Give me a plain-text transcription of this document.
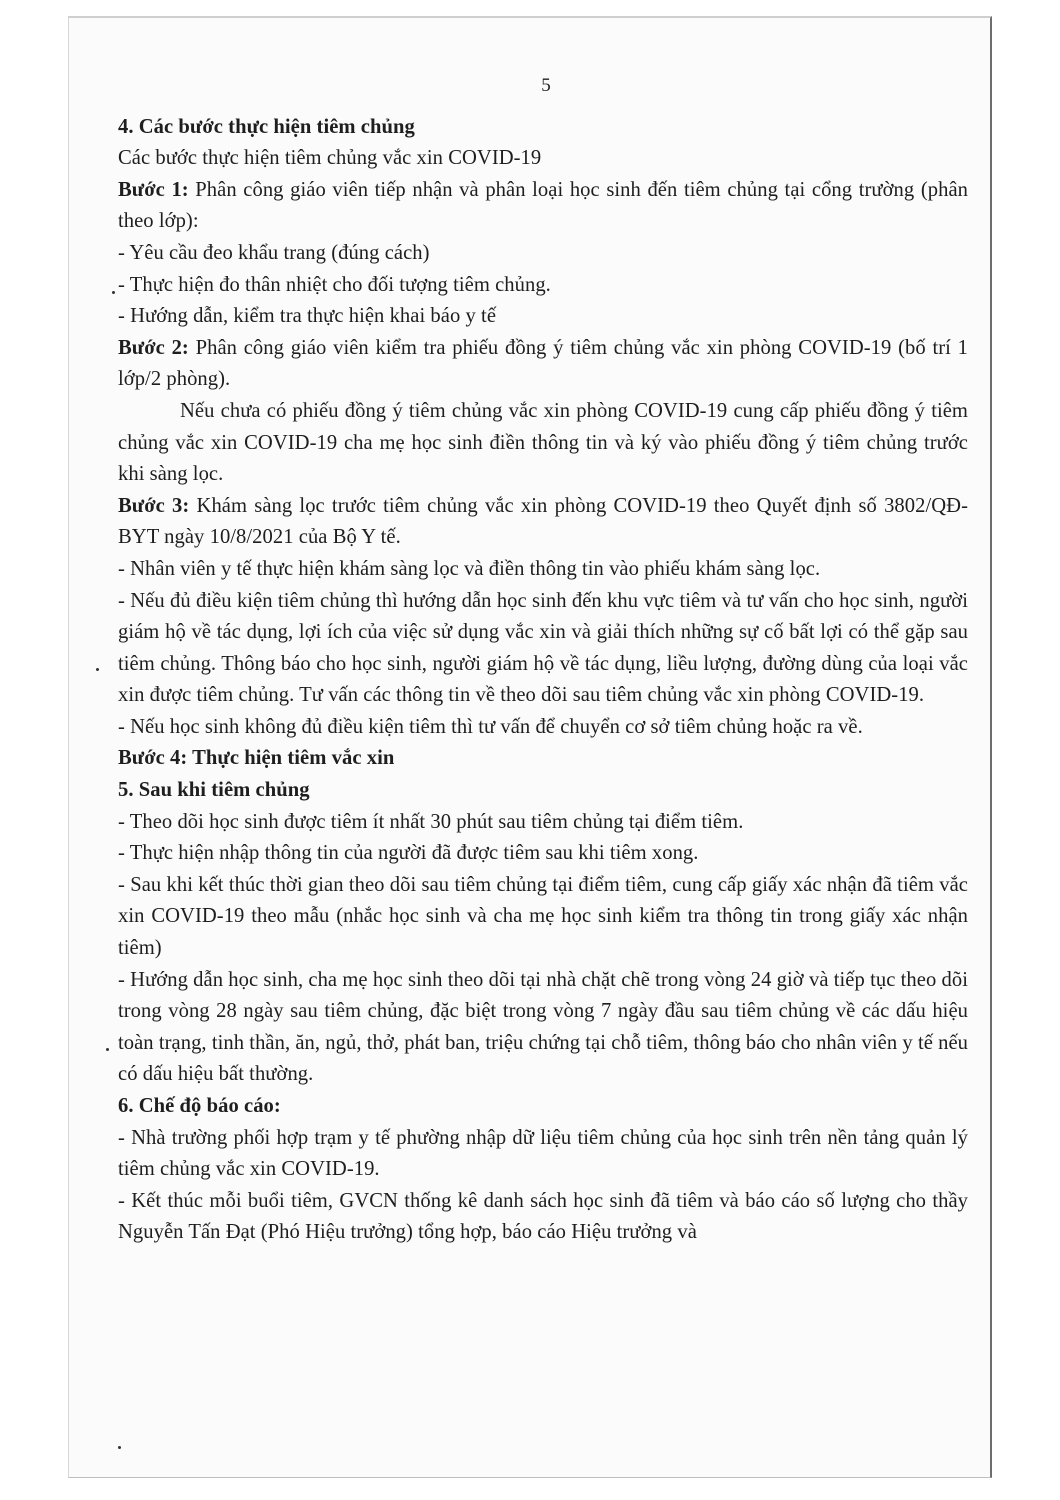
5

4. Các bước thực hiện tiêm chủng

Các bước thực hiện tiêm chủng vắc xin COVID-19

Bước 1: Phân công giáo viên tiếp nhận và phân loại học sinh đến tiêm chủng tại cổng trường (phân theo lớp):

- Yêu cầu đeo khẩu trang (đúng cách)

- Thực hiện đo thân nhiệt cho đối tượng tiêm chủng.

- Hướng dẫn, kiểm tra thực hiện khai báo y tế

Bước 2: Phân công giáo viên kiểm tra phiếu đồng ý tiêm chủng vắc xin phòng COVID-19 (bố trí 1 lớp/2 phòng).

Nếu chưa có phiếu đồng ý tiêm chủng vắc xin phòng COVID-19 cung cấp phiếu đồng ý tiêm chủng vắc xin COVID-19 cha mẹ học sinh điền thông tin và ký vào phiếu đồng ý tiêm chủng trước khi sàng lọc.

Bước 3: Khám sàng lọc trước tiêm chủng vắc xin phòng COVID-19 theo Quyết định số 3802/QĐ-BYT ngày 10/8/2021 của Bộ Y tế.

- Nhân viên y tế thực hiện khám sàng lọc và điền thông tin vào phiếu khám sàng lọc.

- Nếu đủ điều kiện tiêm chủng thì hướng dẫn học sinh đến khu vực tiêm và tư vấn cho học sinh, người giám hộ về tác dụng, lợi ích của việc sử dụng vắc xin và giải thích những sự cố bất lợi có thể gặp sau tiêm chủng. Thông báo cho học sinh, người giám hộ về tác dụng, liều lượng, đường dùng của loại vắc xin được tiêm chủng. Tư vấn các thông tin về theo dõi sau tiêm chủng vắc xin phòng COVID-19.

- Nếu học sinh không đủ điều kiện tiêm thì tư vấn để chuyển cơ sở tiêm chủng hoặc ra về.

Bước 4: Thực hiện tiêm vắc xin

5. Sau khi tiêm chủng

- Theo dõi học sinh được tiêm ít nhất 30 phút sau tiêm chủng tại điểm tiêm.

- Thực hiện nhập thông tin của người đã được tiêm sau khi tiêm xong.

- Sau khi kết thúc thời gian theo dõi sau tiêm chủng tại điểm tiêm, cung cấp giấy xác nhận đã tiêm vắc xin COVID-19 theo mẫu (nhắc học sinh và cha mẹ học sinh kiểm tra thông tin trong giấy xác nhận tiêm)

- Hướng dẫn học sinh, cha mẹ học sinh theo dõi tại nhà chặt chẽ trong vòng 24 giờ và tiếp tục theo dõi trong vòng 28 ngày sau tiêm chủng, đặc biệt trong vòng 7 ngày đầu sau tiêm chủng về các dấu hiệu toàn trạng, tinh thần, ăn, ngủ, thở, phát ban, triệu chứng tại chỗ tiêm, thông báo cho nhân viên y tế nếu có dấu hiệu bất thường.

6. Chế độ báo cáo:

- Nhà trường phối hợp trạm y tế phường nhập dữ liệu tiêm chủng của học sinh trên nền tảng quản lý tiêm chủng vắc xin COVID-19.

- Kết thúc mỗi buổi tiêm, GVCN thống kê danh sách học sinh đã tiêm và báo cáo số lượng cho thầy Nguyễn Tấn Đạt (Phó Hiệu trưởng) tổng hợp, báo cáo Hiệu trưởng và
